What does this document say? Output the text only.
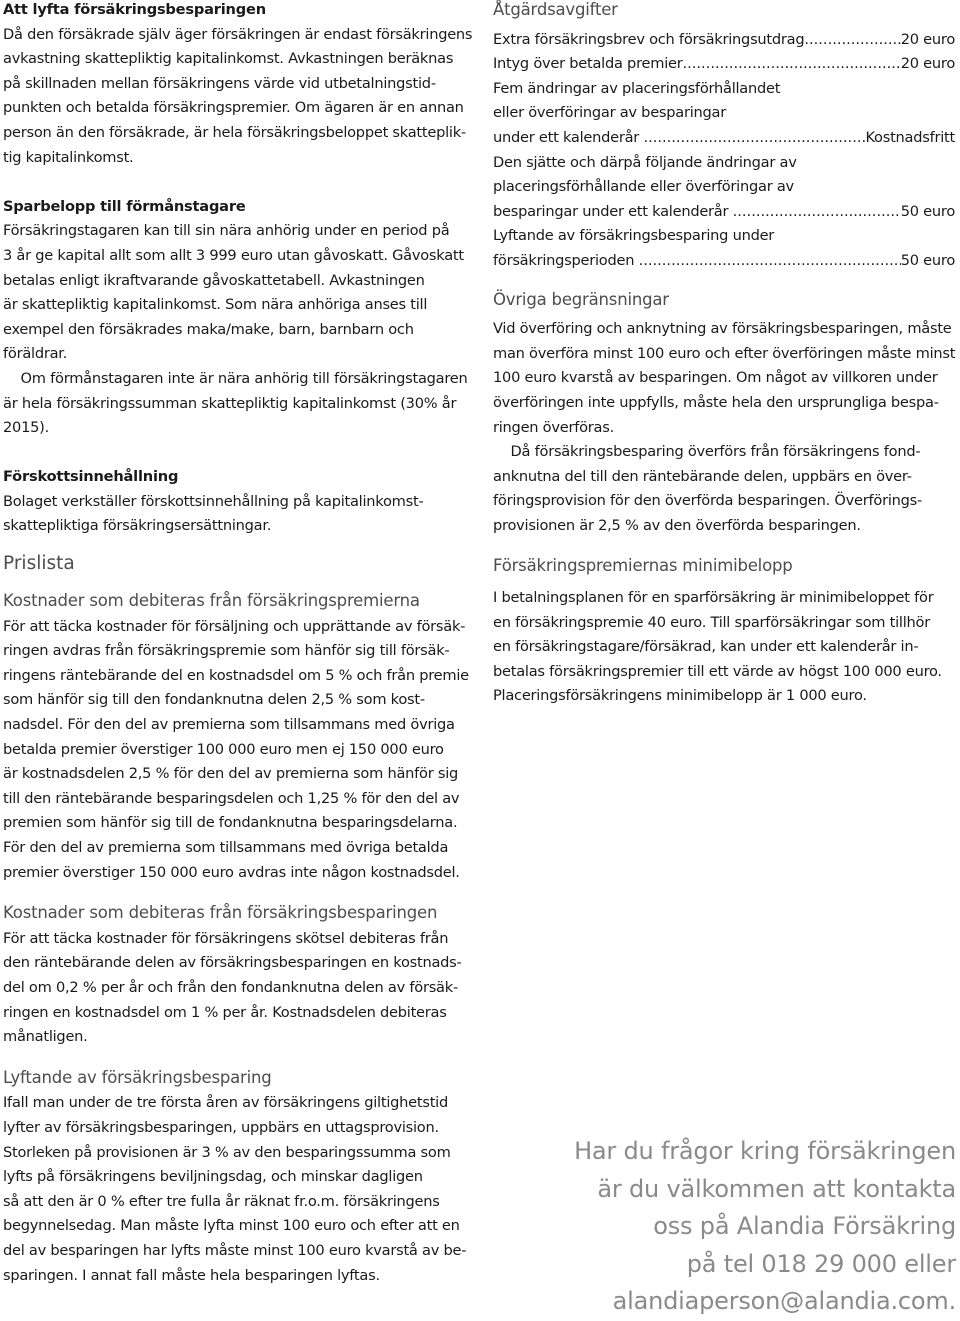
Att lyfta försäkringsbesparingen

Då den försäkrade själv äger försäkringen är endast försäkringens
avkastning skattepliktig kapitalinkomst. Avkastningen beräknas
på skillnaden mellan försäkringens värde vid utbetalningstid-
punkten och betalda försäkringspremier. Om ägaren är en annan
person än den försäkrade, är hela försäkringsbeloppet skatteplik-
tig kapitalinkomst.

Sparbelopp till förmånstagare

Försäkringstagaren kan till sin nära anhörig under en period på
3 år ge kapital allt som allt 3 999 euro utan gåvoskatt. Gåvoskatt
betalas enligt ikraftvarande gåvoskattetabell. Avkastningen
är skattepliktig kapitalinkomst. Som nära anhöriga anses till
exempel den försäkrades maka/make, barn, barnbarn och
föräldrar.
Om förmånstagaren inte är nära anhörig till försäkringstagaren
är hela försäkringssumman skattepliktig kapitalinkomst (30% år
2015).

Förskottsinnehållning

Bolaget verkställer förskottsinnehållning på kapitalinkomst-
skattepliktiga försäkringsersättningar.

Prislista
Kostnader som debiteras från försäkringspremierna

För att täcka kostnader för försäljning och upprättande av försäk-
ringen avdras från försäkringspremie som hänför sig till försäk-
ringens räntebärande del en kostnadsdel om 5 % och från premie
som hänför sig till den fondanknutna delen 2,5 % som kost-
nadsdel. För den del av premierna som tillsammans med övriga
betalda premier överstiger 100 000 euro men ej 150 000 euro
är kostnadsdelen 2,5 % för den del av premierna som hänför sig
till den räntebärande besparingsdelen och 1,25 % för den del av
premien som hänför sig till de fondanknutna besparingsdelarna.
För den del av premierna som tillsammans med övriga betalda
premier överstiger 150 000 euro avdras inte någon kostnadsdel.

Kostnader som debiteras från försäkringsbesparingen

För att täcka kostnader för försäkringens skötsel debiteras från
den räntebärande delen av försäkringsbesparingen en kostnads-
del om 0,2 % per år och från den fondanknutna delen av försäk-
ringen en kostnadsdel om 1 % per år. Kostnadsdelen debiteras
månatligen.

Lyftande av försäkringsbesparing

Ifall man under de tre första åren av försäkringens giltighetstid
lyfter av försäkringsbesparingen, uppbärs en uttagsprovision.
Storleken på provisionen är 3 % av den besparingssumma som
lyfts på försäkringens beviljningsdag, och minskar dagligen
så att den är 0 % efter tre fulla år räknat fr.o.m. försäkringens
begynnelsedag. Man måste lyfta minst 100 euro och efter att en
del av besparingen har lyfts måste minst 100 euro kvarstå av be-
sparingen. I annat fall måste hela besparingen lyftas.

Åtgärdsavgifter
Extra försäkringsbrev och försäkringsutdrag .....	20 euro
Intyg över betalda premier .....	20 euro
Fem ändringar av placeringsförhållandet
eller överföringar av besparingar
under ett kalenderår .....	Kostnadsfritt
Den sjätte och därpå följande ändringar av
placeringsförhållande eller överföringar av
besparingar under ett kalenderår .....	50 euro
Lyftande av försäkringsbesparing under
försäkringsperioden .....	50 euro
Övriga begränsningar

Vid överföring och anknytning av försäkringsbesparingen, måste
man överföra minst 100 euro och efter överföringen måste minst
100 euro kvarstå av besparingen. Om något av villkoren under
överföringen inte uppfylls, måste hela den ursprungliga bespa-
ringen överföras.
Då försäkringsbesparing överförs från försäkringens fond-
anknutna del till den räntebärande delen, uppbärs en över-
föringsprovision för den överförda besparingen. Överförings-
provisionen är 2,5 % av den överförda besparingen.

Försäkringspremiernas minimibelopp

I betalningsplanen för en sparförsäkring är minimibeloppet för
en försäkringspremie 40 euro. Till sparförsäkringar som tillhör
en försäkringstagare/försäkrad, kan under ett kalenderår in-
betalas försäkringspremier till ett värde av högst 100 000 euro.
Placeringsförsäkringens minimibelopp är 1 000 euro.

Har du frågor kring försäkringen
är du välkommen att kontakta
oss på Alandia Försäkring
på tel 018 29 000 eller
alandiaperson@alandia.com.
